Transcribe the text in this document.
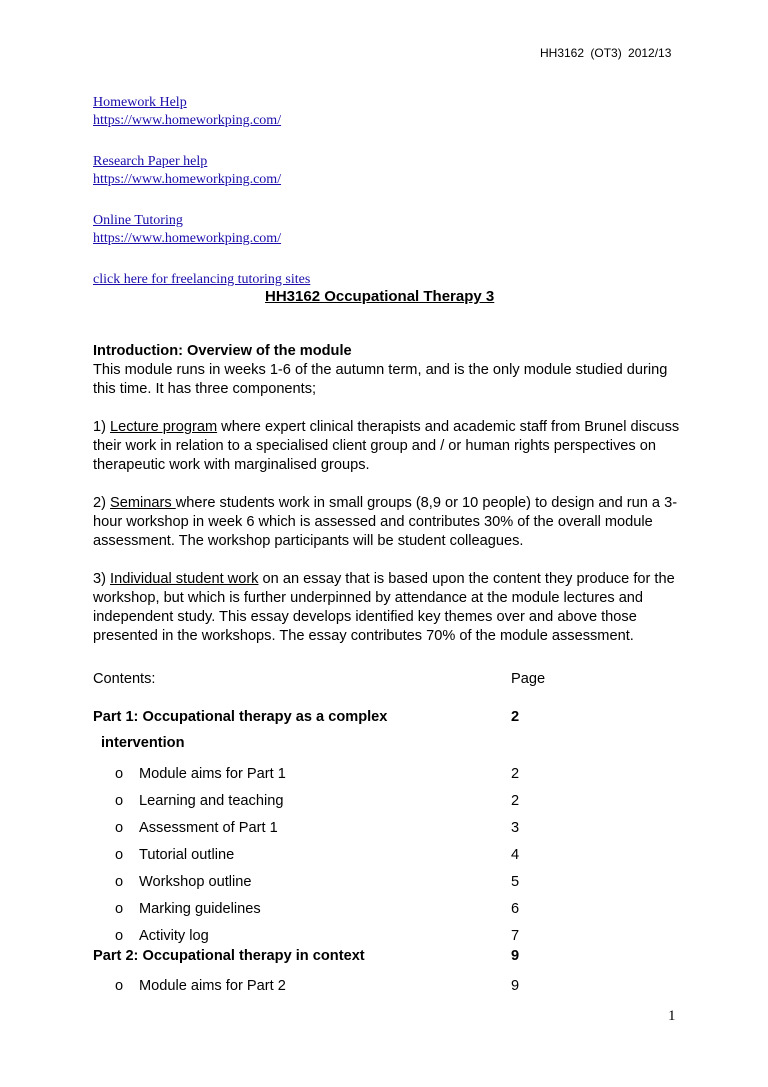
HH3162 (OT3) 2012/13
Homework Help
https://www.homeworkping.com/
Research Paper help
https://www.homeworkping.com/
Online Tutoring
https://www.homeworkping.com/
click here for freelancing tutoring sites
HH3162 Occupational Therapy 3

Introduction: Overview of the module
This module runs in weeks 1-6 of the autumn term, and is the only module studied during this time. It has three components;

1) Lecture program where expert clinical therapists and academic staff from Brunel discuss their work in relation to a specialised client group and / or human rights perspectives on therapeutic work with marginalised groups.

2) Seminars where students work in small groups (8,9 or 10 people) to design and run a 3-hour workshop in week 6 which is assessed and contributes 30% of the overall module assessment. The workshop participants will be student colleagues.

3) Individual student work on an essay that is based upon the content they produce for the workshop, but which is further underpinned by attendance at the module lectures and independent study. This essay develops identified key themes over and above those presented in the workshops. The essay contributes 70% of the module assessment.

Contents:	Page
Part 1: Occupational therapy as a complex	2
intervention
o Module aims for Part 1	2
o Learning and teaching	2
o Assessment of Part 1	3
o Tutorial outline	4
o Workshop outline	5
o Marking guidelines	6
o Activity log	7
Part 2: Occupational therapy in context	9
o Module aims for Part 2	9
1
